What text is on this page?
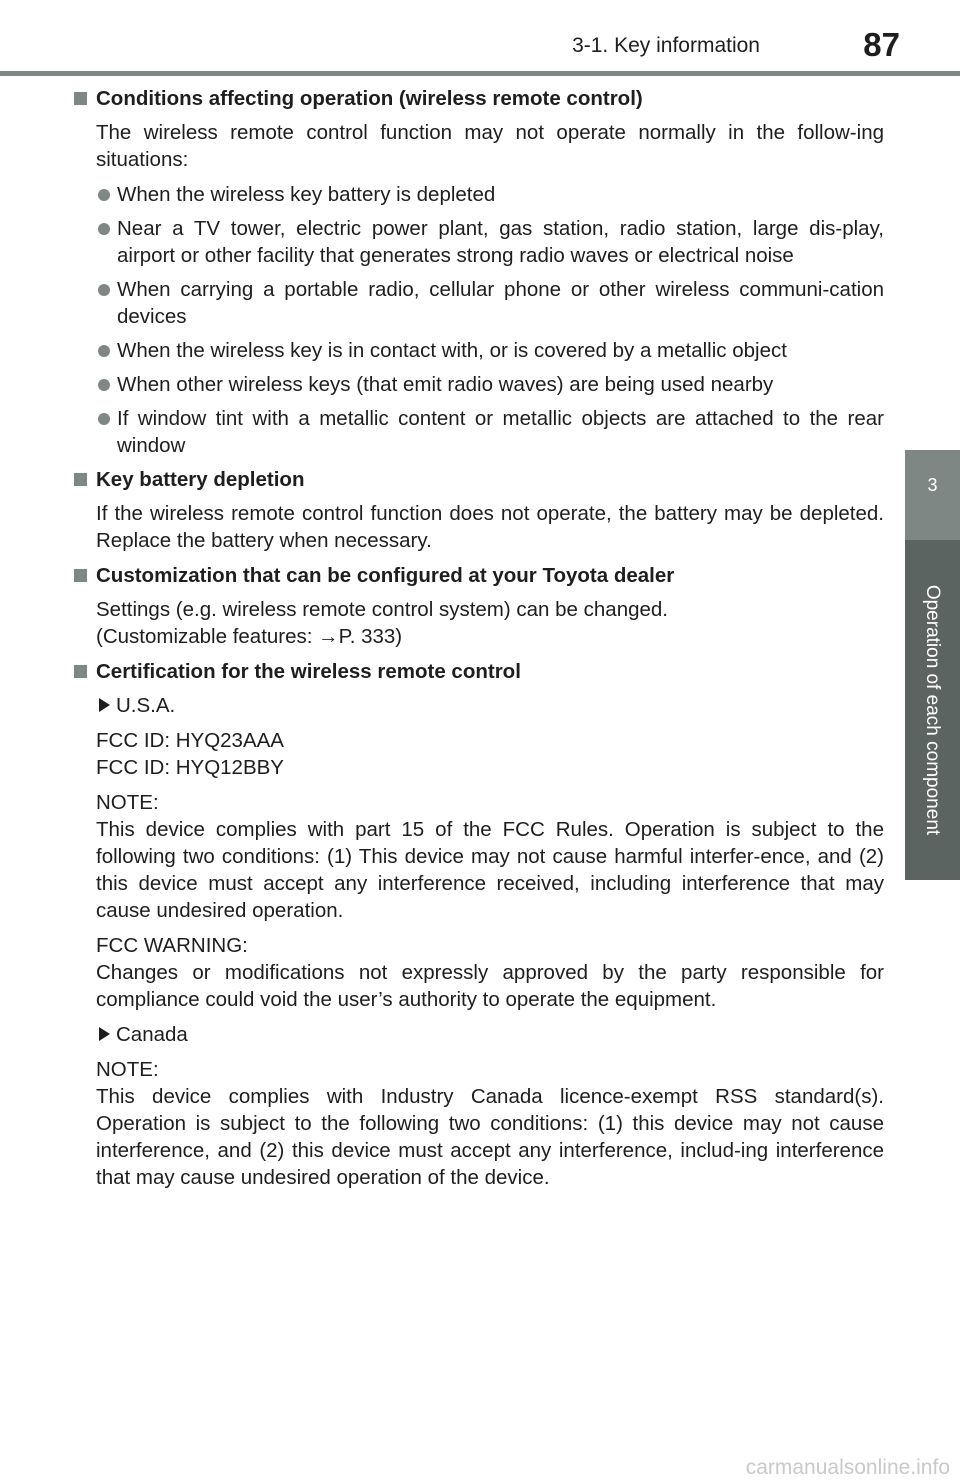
3-1. Key information	87
3
Operation of each component
Conditions affecting operation (wireless remote control)
The wireless remote control function may not operate normally in the follow-ing situations:
When the wireless key battery is depleted
Near a TV tower, electric power plant, gas station, radio station, large dis-play, airport or other facility that generates strong radio waves or electrical noise
When carrying a portable radio, cellular phone or other wireless communi-cation devices
When the wireless key is in contact with, or is covered by a metallic object
When other wireless keys (that emit radio waves) are being used nearby
If window tint with a metallic content or metallic objects are attached to the rear window
Key battery depletion
If the wireless remote control function does not operate, the battery may be depleted. Replace the battery when necessary.
Customization that can be configured at your Toyota dealer
Settings (e.g. wireless remote control system) can be changed.
(Customizable features: →P. 333)
Certification for the wireless remote control
U.S.A.
FCC ID: HYQ23AAA
FCC ID: HYQ12BBY
NOTE:
This device complies with part 15 of the FCC Rules. Operation is subject to the following two conditions: (1) This device may not cause harmful interfer-ence, and (2) this device must accept any interference received, including interference that may cause undesired operation.
FCC WARNING:
Changes or modifications not expressly approved by the party responsible for compliance could void the user’s authority to operate the equipment.
Canada
NOTE:
This device complies with Industry Canada licence-exempt RSS standard(s). Operation is subject to the following two conditions: (1) this device may not cause interference, and (2) this device must accept any interference, includ-ing interference that may cause undesired operation of the device.
carmanualsonline.info
